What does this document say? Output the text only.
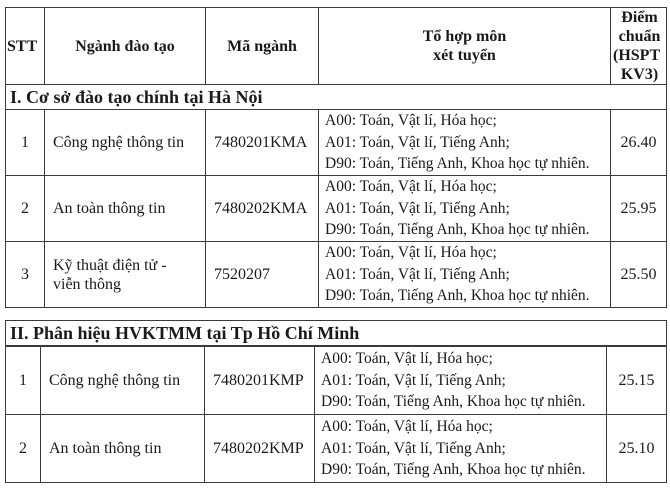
STT	Ngành đào tạo	Mã ngành	Tổ hợp môn
xét tuyển	Điểm
chuẩn
(HSPT
KV3)

I. Cơ sở đào tạo chính tại Hà Nội				
1	Công nghệ thông tin	7480201KMA	A00: Toán, Vật lí, Hóa học;
A01: Toán, Vật lí, Tiếng Anh;
D90: Toán, Tiếng Anh, Khoa học tự nhiên.	26.40
2	An toàn thông tin	7480202KMA	A00: Toán, Vật lí, Hóa học;
A01: Toán, Vật lí, Tiếng Anh;
D90: Toán, Tiếng Anh, Khoa học tự nhiên.	25.95
3	Kỹ thuật điện tử -
viễn thông	7520207	A00: Toán, Vật lí, Hóa học;
A01: Toán, Vật lí, Tiếng Anh;
D90: Toán, Tiếng Anh, Khoa học tự nhiên.	25.50
II. Phân hiệu HVKTMM tại Tp Hồ Chí Minh				
1	Công nghệ thông tin	7480201KMP	A00: Toán, Vật lí, Hóa học;
A01: Toán, Vật lí, Tiếng Anh;
D90: Toán, Tiếng Anh, Khoa học tự nhiên.	25.15
2	An toàn thông tin	7480202KMP	A00: Toán, Vật lí, Hóa học;
A01: Toán, Vật lí, Tiếng Anh;
D90: Toán, Tiếng Anh, Khoa học tự nhiên.	25.10
